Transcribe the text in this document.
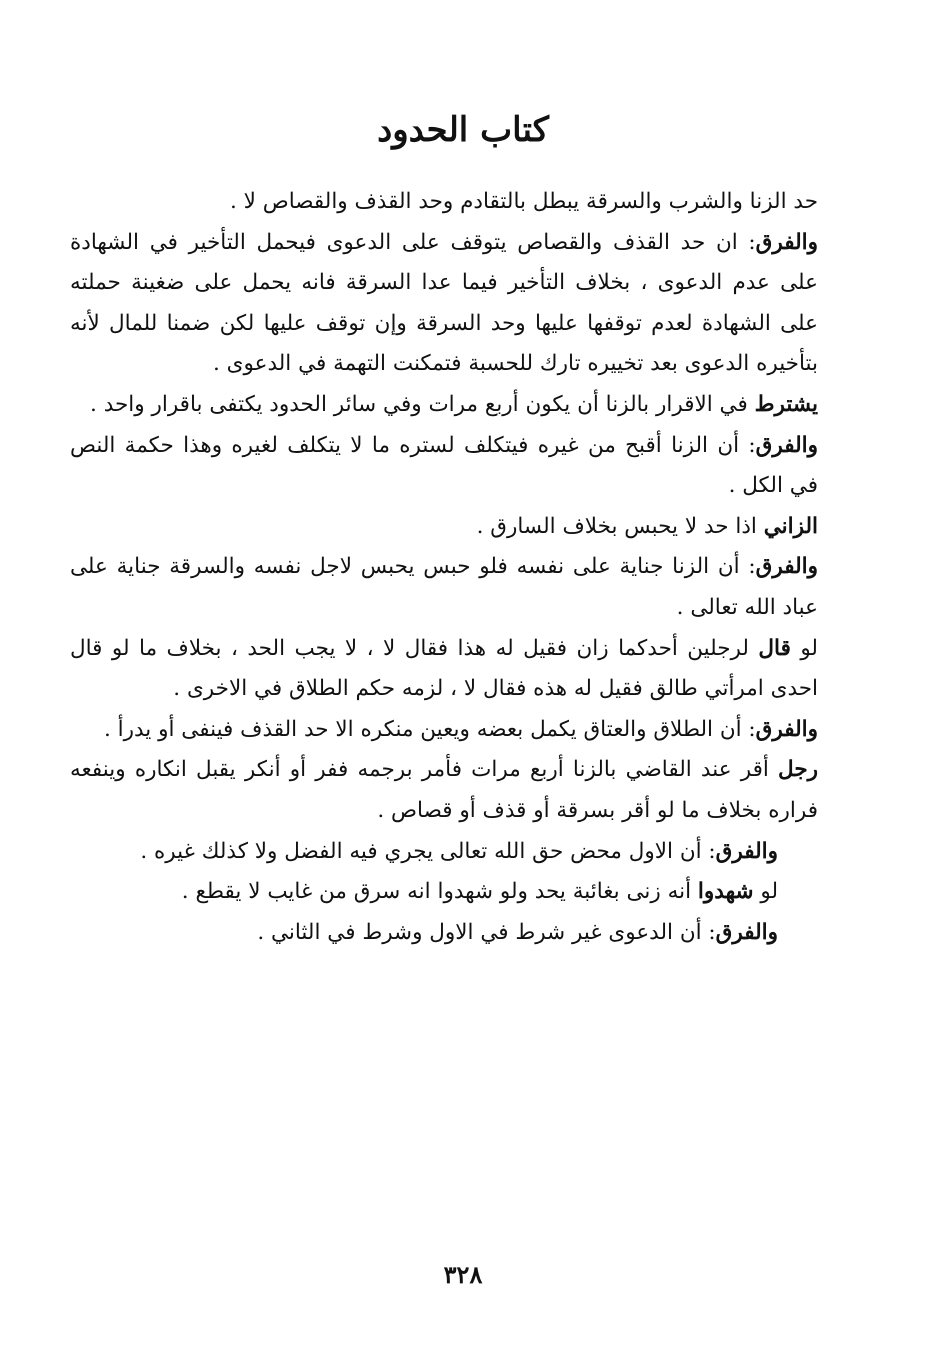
كتاب الحدود

حد الزنا والشرب والسرقة يبطل بالتقادم وحد القذف والقصاص لا .

والفرق: ان حد القذف والقصاص يتوقف على الدعوى فيحمل التأخير في الشهادة على عدم الدعوى ، بخلاف التأخير فيما عدا السرقة فانه يحمل على ضغينة حملته على الشهادة لعدم توقفها عليها وحد السرقة وإن توقف عليها لكن ضمنا للمال لأنه بتأخيره الدعوى بعد تخييره تارك للحسبة فتمكنت التهمة في الدعوى .

يشترط في الاقرار بالزنا أن يكون أربع مرات وفي سائر الحدود يكتفى باقرار واحد .

والفرق: أن الزنا أقبح من غيره فيتكلف لستره ما لا يتكلف لغيره وهذا حكمة النص في الكل .

الزاني اذا حد لا يحبس بخلاف السارق .

والفرق: أن الزنا جناية على نفسه فلو حبس يحبس لاجل نفسه والسرقة جناية على عباد الله تعالى .

لو قال لرجلين أحدكما زان فقيل له هذا فقال لا ، لا يجب الحد ، بخلاف ما لو قال احدى امرأتي طالق فقيل له هذه فقال لا ، لزمه حكم الطلاق في الاخرى .

والفرق: أن الطلاق والعتاق يكمل بعضه ويعين منكره الا حد القذف فينفى أو يدرأ .

رجل أقر عند القاضي بالزنا أربع مرات فأمر برجمه ففر أو أنكر يقبل انكاره وينفعه فراره بخلاف ما لو أقر بسرقة أو قذف أو قصاص .

والفرق: أن الاول محض حق الله تعالى يجري فيه الفضل ولا كذلك غيره .

لو شهدوا أنه زنى بغائبة يحد ولو شهدوا انه سرق من غايب لا يقطع .

والفرق: أن الدعوى غير شرط في الاول وشرط في الثاني .

٣٢٨
